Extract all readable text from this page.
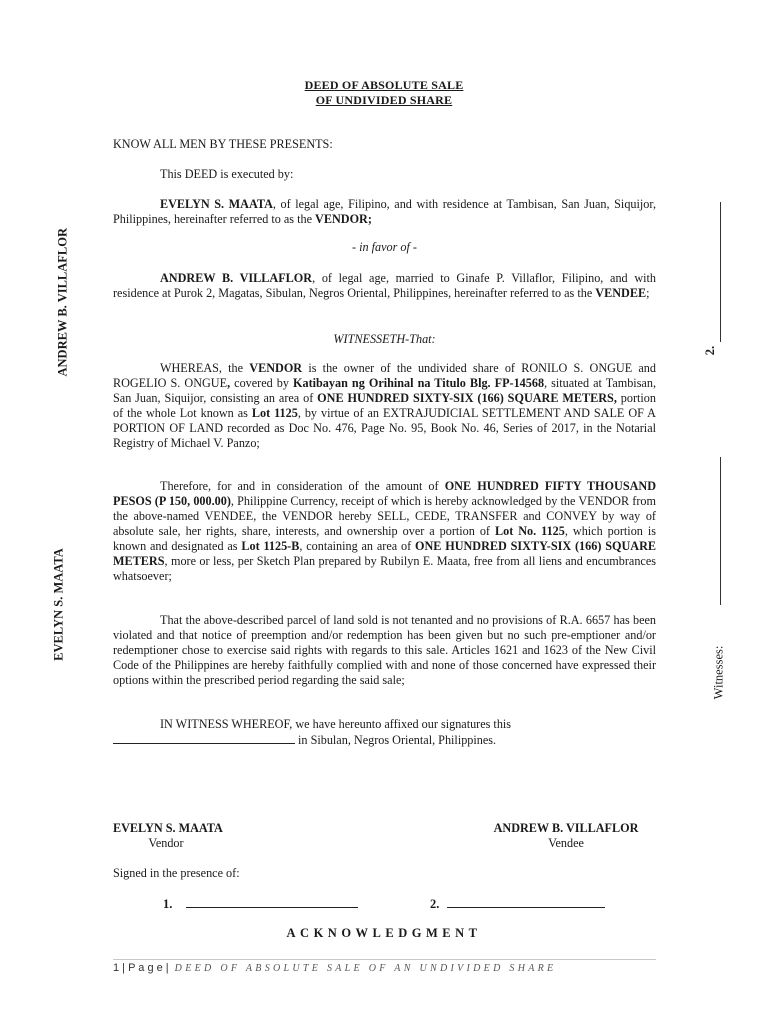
DEED OF ABSOLUTE SALE
OF UNDIVIDED SHARE

KNOW ALL MEN BY THESE PRESENTS:

This DEED is executed by:

EVELYN S. MAATA, of legal age, Filipino, and with residence at Tambisan, San Juan, Siquijor, Philippines, hereinafter referred to as the VENDOR;

- in favor of -

ANDREW B. VILLAFLOR, of legal age, married to Ginafe P. Villaflor, Filipino, and with residence at Purok 2, Magatas, Sibulan, Negros Oriental, Philippines, hereinafter referred to as the VENDEE;

WITNESSETH-That:

WHEREAS, the VENDOR is the owner of the undivided share of RONILO S. ONGUE and ROGELIO S. ONGUE, covered by Katibayan ng Orihinal na Titulo Blg. FP-14568, situated at Tambisan, San Juan, Siquijor, consisting an area of ONE HUNDRED SIXTY-SIX (166) SQUARE METERS, portion of the whole Lot known as Lot 1125, by virtue of an EXTRAJUDICIAL SETTLEMENT AND SALE OF A PORTION OF LAND recorded as Doc No. 476, Page No. 95, Book No. 46, Series of 2017, in the Notarial Registry of Michael V. Panzo;

Therefore, for and in consideration of the amount of ONE HUNDRED FIFTY THOUSAND PESOS (P 150, 000.00), Philippine Currency, receipt of which is hereby acknowledged by the VENDOR from the above-named VENDEE, the VENDOR hereby SELL, CEDE, TRANSFER and CONVEY by way of absolute sale, her rights, share, interests, and ownership over a portion of Lot No. 1125, which portion is known and designated as Lot 1125-B, containing an area of ONE HUNDRED SIXTY-SIX (166) SQUARE METERS, more or less, per Sketch Plan prepared by Rubilyn E. Maata, free from all liens and encumbrances whatsoever;

That the above-described parcel of land sold is not tenanted and no provisions of R.A. 6657 has been violated and that notice of preemption and/or redemption has been given but no such pre-emptioner and/or redemptioner chose to exercise said rights with regards to this sale. Articles 1621 and 1623 of the New Civil Code of the Philippines are hereby faithfully complied with and none of those concerned have expressed their options within the prescribed period regarding the said sale;

IN WITNESS WHEREOF, we have hereunto affixed our signatures this
in Sibulan, Negros Oriental, Philippines.

EVELYN S. MAATA
Vendor
ANDREW B. VILLAFLOR
Vendee
Signed in the presence of:
1.	2.
ACKNOWLEDGMENT
1 | P a g e | DEED OF ABSOLUTE SALE OF AN UNDIVIDED SHARE
ANDREW B. VILLAFLOR
EVELYN S. MAATA
2.
Witnesses:
